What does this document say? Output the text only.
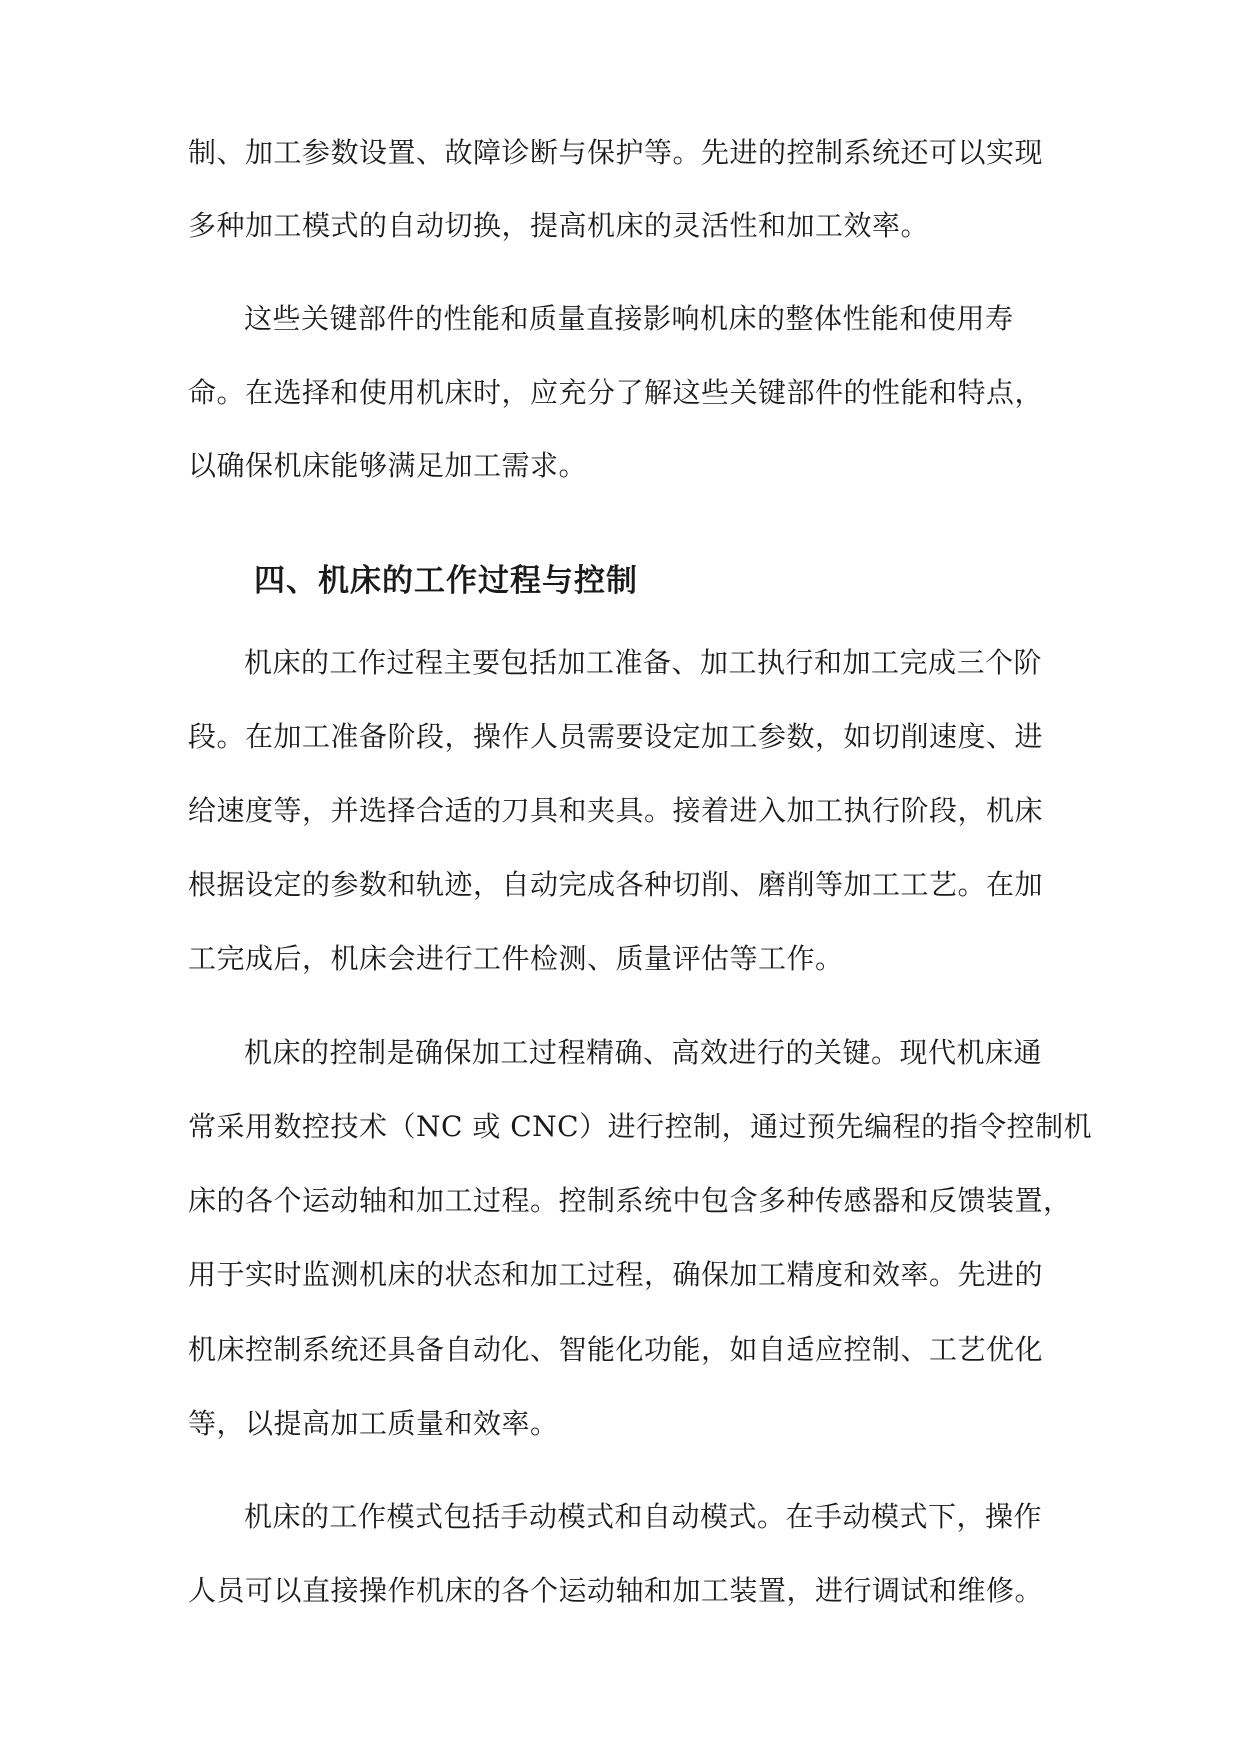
制、加工参数设置、故障诊断与保护等。先进的控制系统还可以实现
多种加工模式的自动切换，提高机床的灵活性和加工效率。
这些关键部件的性能和质量直接影响机床的整体性能和使用寿
命。在选择和使用机床时，应充分了解这些关键部件的性能和特点，
以确保机床能够满足加工需求。
四、机床的工作过程与控制
机床的工作过程主要包括加工准备、加工执行和加工完成三个阶
段。在加工准备阶段，操作人员需要设定加工参数，如切削速度、进
给速度等，并选择合适的刀具和夹具。接着进入加工执行阶段，机床
根据设定的参数和轨迹，自动完成各种切削、磨削等加工工艺。在加
工完成后，机床会进行工件检测、质量评估等工作。
机床的控制是确保加工过程精确、高效进行的关键。现代机床通
常采用数控技术（NC 或 CNC）进行控制，通过预先编程的指令控制机
床的各个运动轴和加工过程。控制系统中包含多种传感器和反馈装置，
用于实时监测机床的状态和加工过程，确保加工精度和效率。先进的
机床控制系统还具备自动化、智能化功能，如自适应控制、工艺优化
等，以提高加工质量和效率。
机床的工作模式包括手动模式和自动模式。在手动模式下，操作
人员可以直接操作机床的各个运动轴和加工装置，进行调试和维修。
